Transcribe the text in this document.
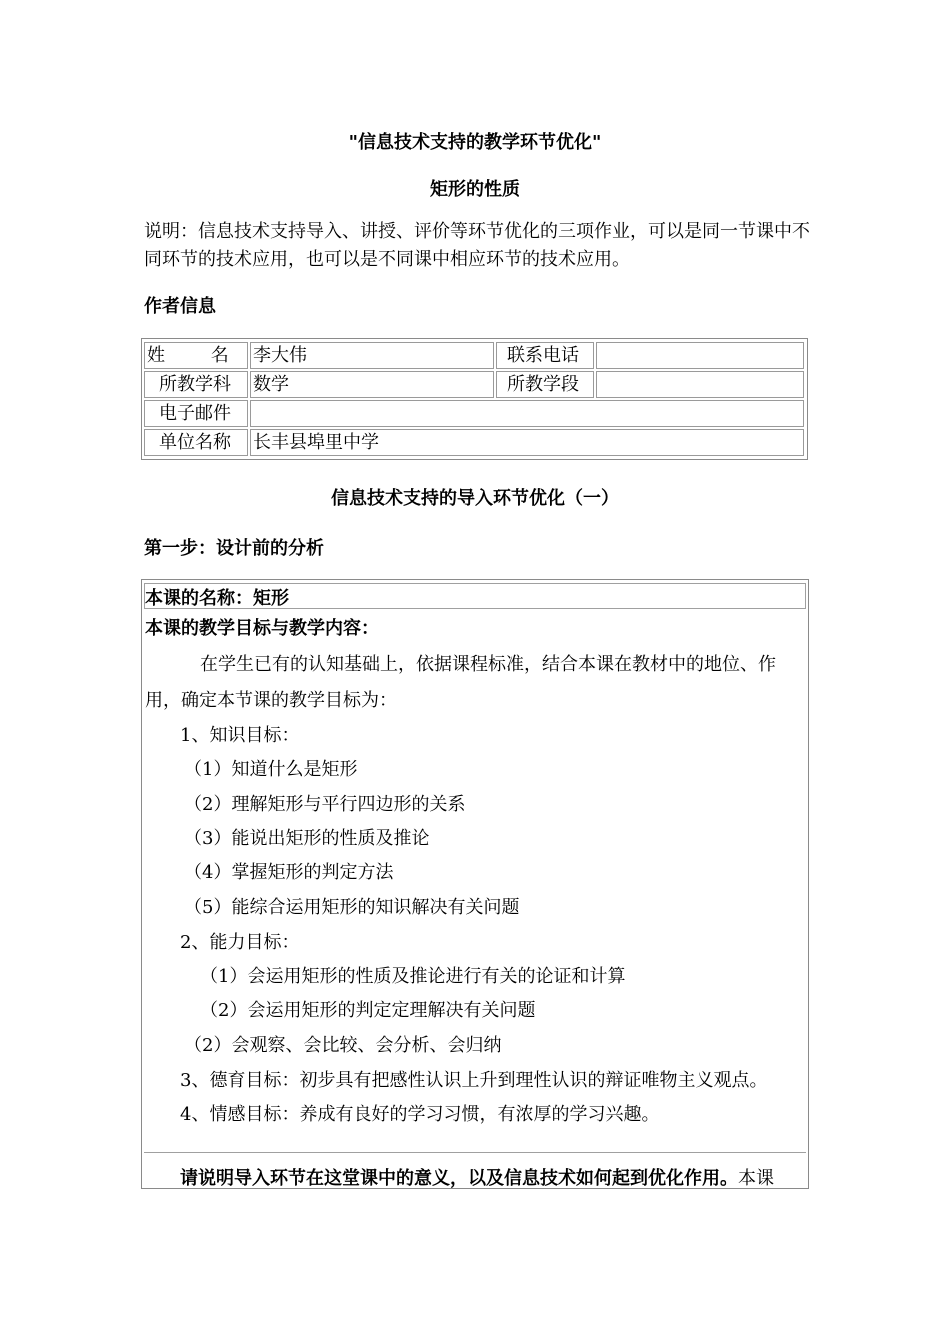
"信息技术支持的教学环节优化"
矩形的性质
说明：信息技术支持导入、讲授、评价等环节优化的三项作业，可以是同一节课中不同环节的技术应用，也可以是不同课中相应环节的技术应用。
作者信息
姓        名	李大伟	联系电话
所教学科	数学	所教学段
电子邮件
单位名称	长丰县埠里中学
信息技术支持的导入环节优化（一）
第一步：设计前的分析
本课的名称：矩形
本课的教学目标与教学内容：
在学生已有的认知基础上，依据课程标准，结合本课在教材中的地位、作
用，确定本节课的教学目标为：
1、知识目标：
（1）知道什么是矩形
（2）理解矩形与平行四边形的关系
（3）能说出矩形的性质及推论
（4）掌握矩形的判定方法
（5）能综合运用矩形的知识解决有关问题
2、能力目标：
（1）会运用矩形的性质及推论进行有关的论证和计算
（2）会运用矩形的判定定理解决有关问题
（2）会观察、会比较、会分析、会归纳
3、德育目标：初步具有把感性认识上升到理性认识的辩证唯物主义观点。
4、情感目标：养成有良好的学习习惯，有浓厚的学习兴趣。
请说明导入环节在这堂课中的意义，以及信息技术如何起到优化作用。本课
